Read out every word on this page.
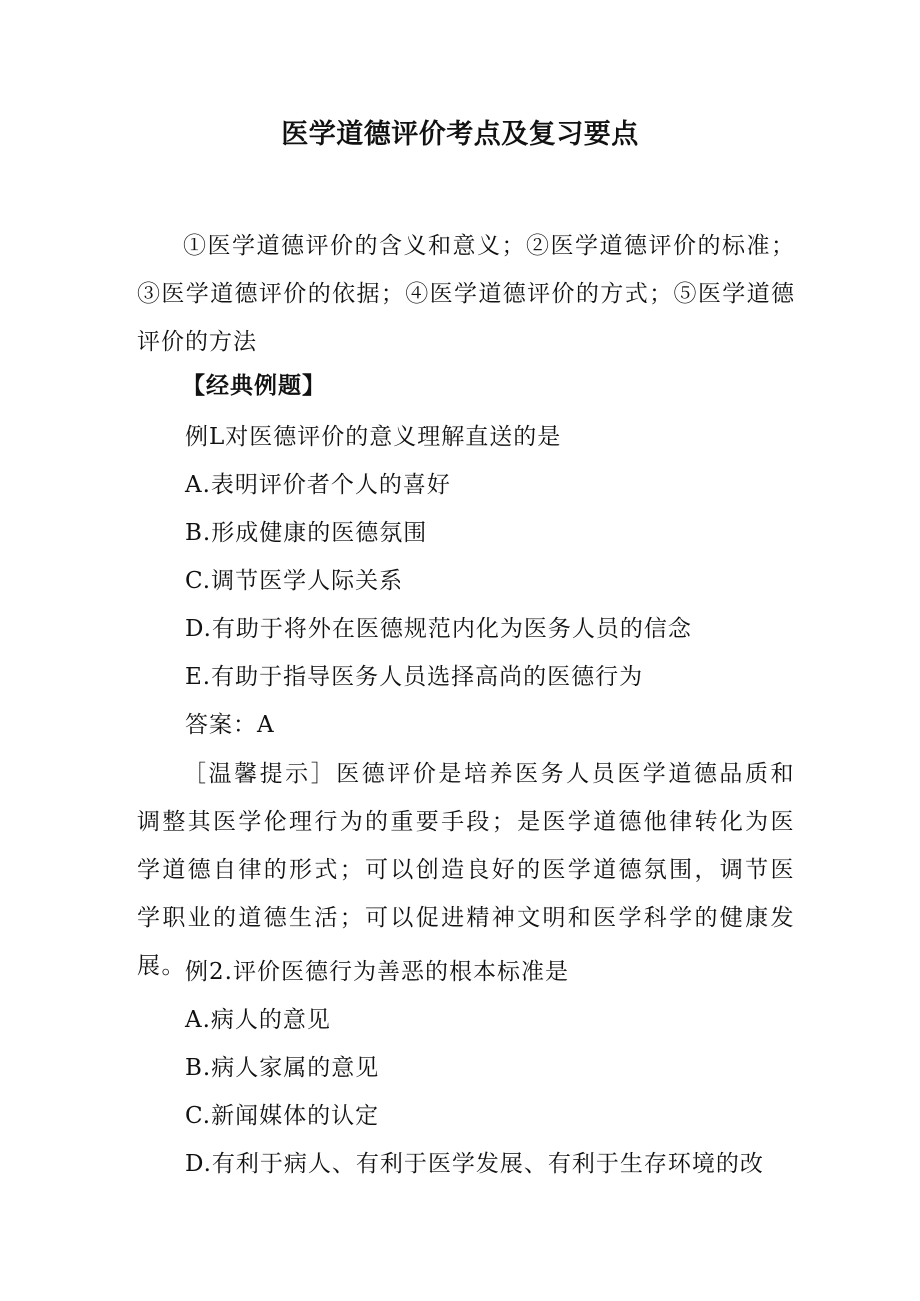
医学道德评价考点及复习要点

①医学道德评价的含义和意义；②医学道德评价的标准；③医学道德评价的依据；④医学道德评价的方式；⑤医学道德评价的方法

【经典例题】

例L对医德评价的意义理解直送的是

A.表明评价者个人的喜好

B.形成健康的医德氛围

C.调节医学人际关系

D.有助于将外在医德规范内化为医务人员的信念

E.有助于指导医务人员选择高尚的医德行为

答案：A

［温馨提示］医德评价是培养医务人员医学道德品质和调整其医学伦理行为的重要手段；是医学道德他律转化为医学道德自律的形式；可以创造良好的医学道德氛围，调节医学职业的道德生活；可以促进精神文明和医学科学的健康发展。 例2.评价医德行为善恶的根本标准是

A.病人的意见

B.病人家属的意见

C.新闻媒体的认定

D.有利于病人、有利于医学发展、有利于生存环境的改
